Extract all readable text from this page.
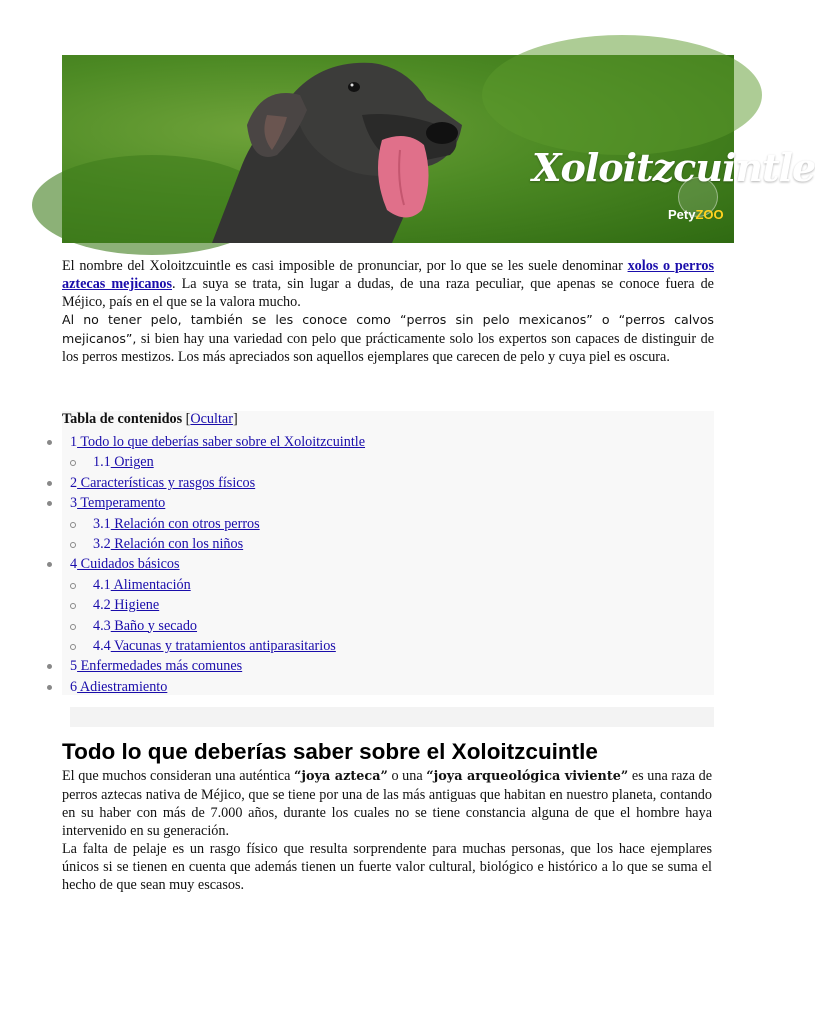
Xoloitzcuintle
PetyZOO

El nombre del Xoloitzcuintle es casi imposible de pronunciar, por lo que se les suele denominar xolos o perros aztecas mejicanos. La suya se trata, sin lugar a dudas, de una raza peculiar, que apenas se conoce fuera de Méjico, país en el que se la valora mucho.

Al no tener pelo, también se les conoce como “perros sin pelo mexicanos” o “perros calvos mejicanos”, si bien hay una variedad con pelo que prácticamente solo los expertos son capaces de distinguir de los perros mestizos. Los más apreciados son aquellos ejemplares que carecen de pelo y cuya piel es oscura.

Tabla de contenidos [Ocultar]
1 Todo lo que deberías saber sobre el Xoloitzcuintle
1.1 Origen
2 Características y rasgos físicos
3 Temperamento
3.1 Relación con otros perros
3.2 Relación con los niños
4 Cuidados básicos
4.1 Alimentación
4.2 Higiene
4.3 Baño y secado
4.4 Vacunas y tratamientos antiparasitarios
5 Enfermedades más comunes
6 Adiestramiento
Todo lo que deberías saber sobre el Xoloitzcuintle

El que muchos consideran una auténtica “joya azteca” o una “joya arqueológica viviente” es una raza de perros aztecas nativa de Méjico, que se tiene por una de las más antiguas que habitan en nuestro planeta, contando en su haber con más de 7.000 años, durante los cuales no se tiene constancia alguna de que el hombre haya intervenido en su generación.

La falta de pelaje es un rasgo físico que resulta sorprendente para muchas personas, que los hace ejemplares únicos si se tienen en cuenta que además tienen un fuerte valor cultural, biológico e histórico a lo que se suma el hecho de que sean muy escasos.
